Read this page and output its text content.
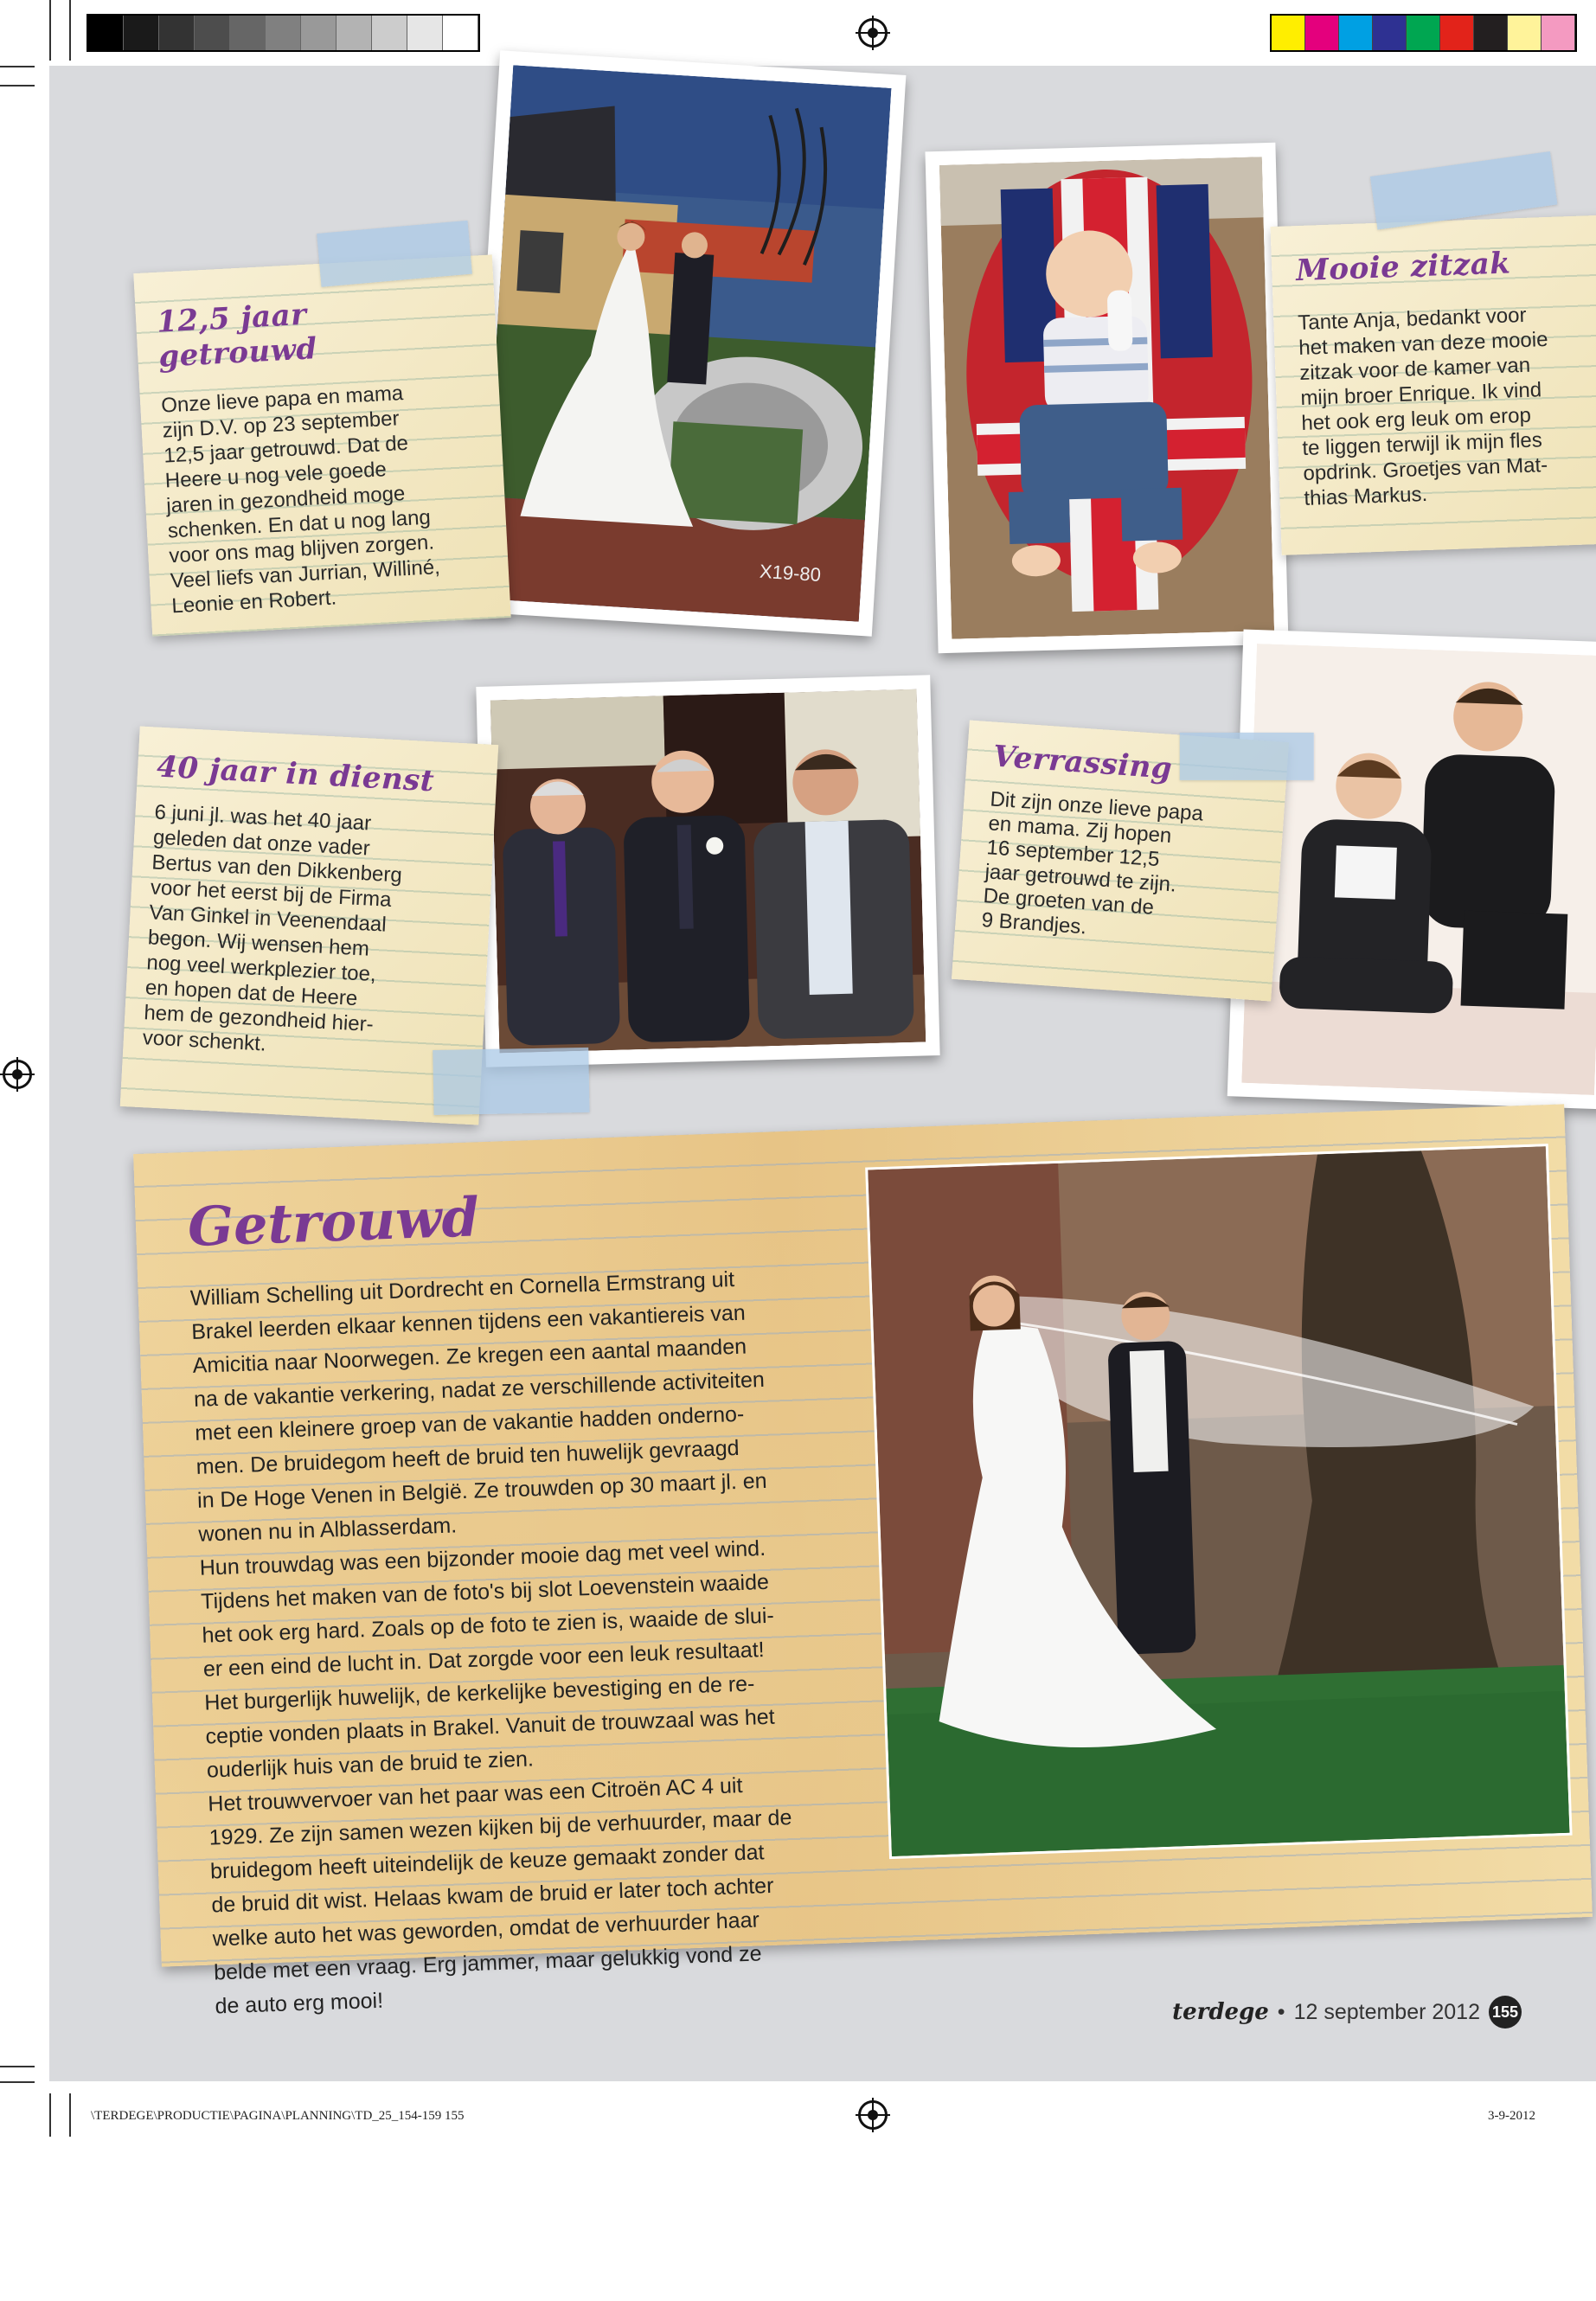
X19-80
12,5 jaar getrouwd

Onze lieve papa en mama
zijn D.V. op 23 september
12,5 jaar getrouwd. Dat de
Heere u nog vele goede
jaren in gezondheid moge
schenken. En dat u nog lang
voor ons mag blijven zorgen.
Veel liefs van Jurrian, Williné,
Leonie en Robert.

Mooie zitzak

Tante Anja, bedankt voor
het maken van deze mooie
zitzak voor de kamer van
mijn broer Enrique. Ik vind
het ook erg leuk om erop
te liggen terwijl ik mijn fles
opdrink. Groetjes van Mat-
thias Markus.

40 jaar in dienst

6 juni jl. was het 40 jaar
geleden dat onze vader
Bertus van den Dikkenberg
voor het eerst bij de Firma
Van Ginkel in Veenendaal
begon. Wij wensen hem
nog veel werkplezier toe,
en hopen dat de Heere
hem de gezondheid hier-
voor schenkt.

Verrassing

Dit zijn onze lieve papa
en mama. Zij hopen
16 september 12,5
jaar getrouwd te zijn.
De groeten van de
9 Brandjes.

Getrouwd

William Schelling uit Dordrecht en Cornella Ermstrang uit
Brakel leerden elkaar kennen tijdens een vakantiereis van
Amicitia naar Noorwegen. Ze kregen een aantal maanden
na de vakantie verkering, nadat ze verschillende activiteiten
met een kleinere groep van de vakantie hadden onderno-
men. De bruidegom heeft de bruid ten huwelijk gevraagd
in De Hoge Venen in België. Ze trouwden op 30 maart jl. en
wonen nu in Alblasserdam.
Hun trouwdag was een bijzonder mooie dag met veel wind.
Tijdens het maken van de foto's bij slot Loevenstein waaide
het ook erg hard. Zoals op de foto te zien is, waaide de slui-
er een eind de lucht in. Dat zorgde voor een leuk resultaat!
Het burgerlijk huwelijk, de kerkelijke bevestiging en de re-
ceptie vonden plaats in Brakel. Vanuit de trouwzaal was het
ouderlijk huis van de bruid te zien.
Het trouwvervoer van het paar was een Citroën AC 4 uit
1929. Ze zijn samen wezen kijken bij de verhuurder, maar de
bruidegom heeft uiteindelijk de keuze gemaakt zonder dat
de bruid dit wist. Helaas kwam de bruid er later toch achter
welke auto het was geworden, omdat de verhuurder haar
belde met een vraag. Erg jammer, maar gelukkig vond ze
de auto erg mooi!	terdege • 12 september 2012 155
\TERDEGE\PRODUCTIE\PAGINA\PLANNING\TD_25_154-159 155	3-9-2012
